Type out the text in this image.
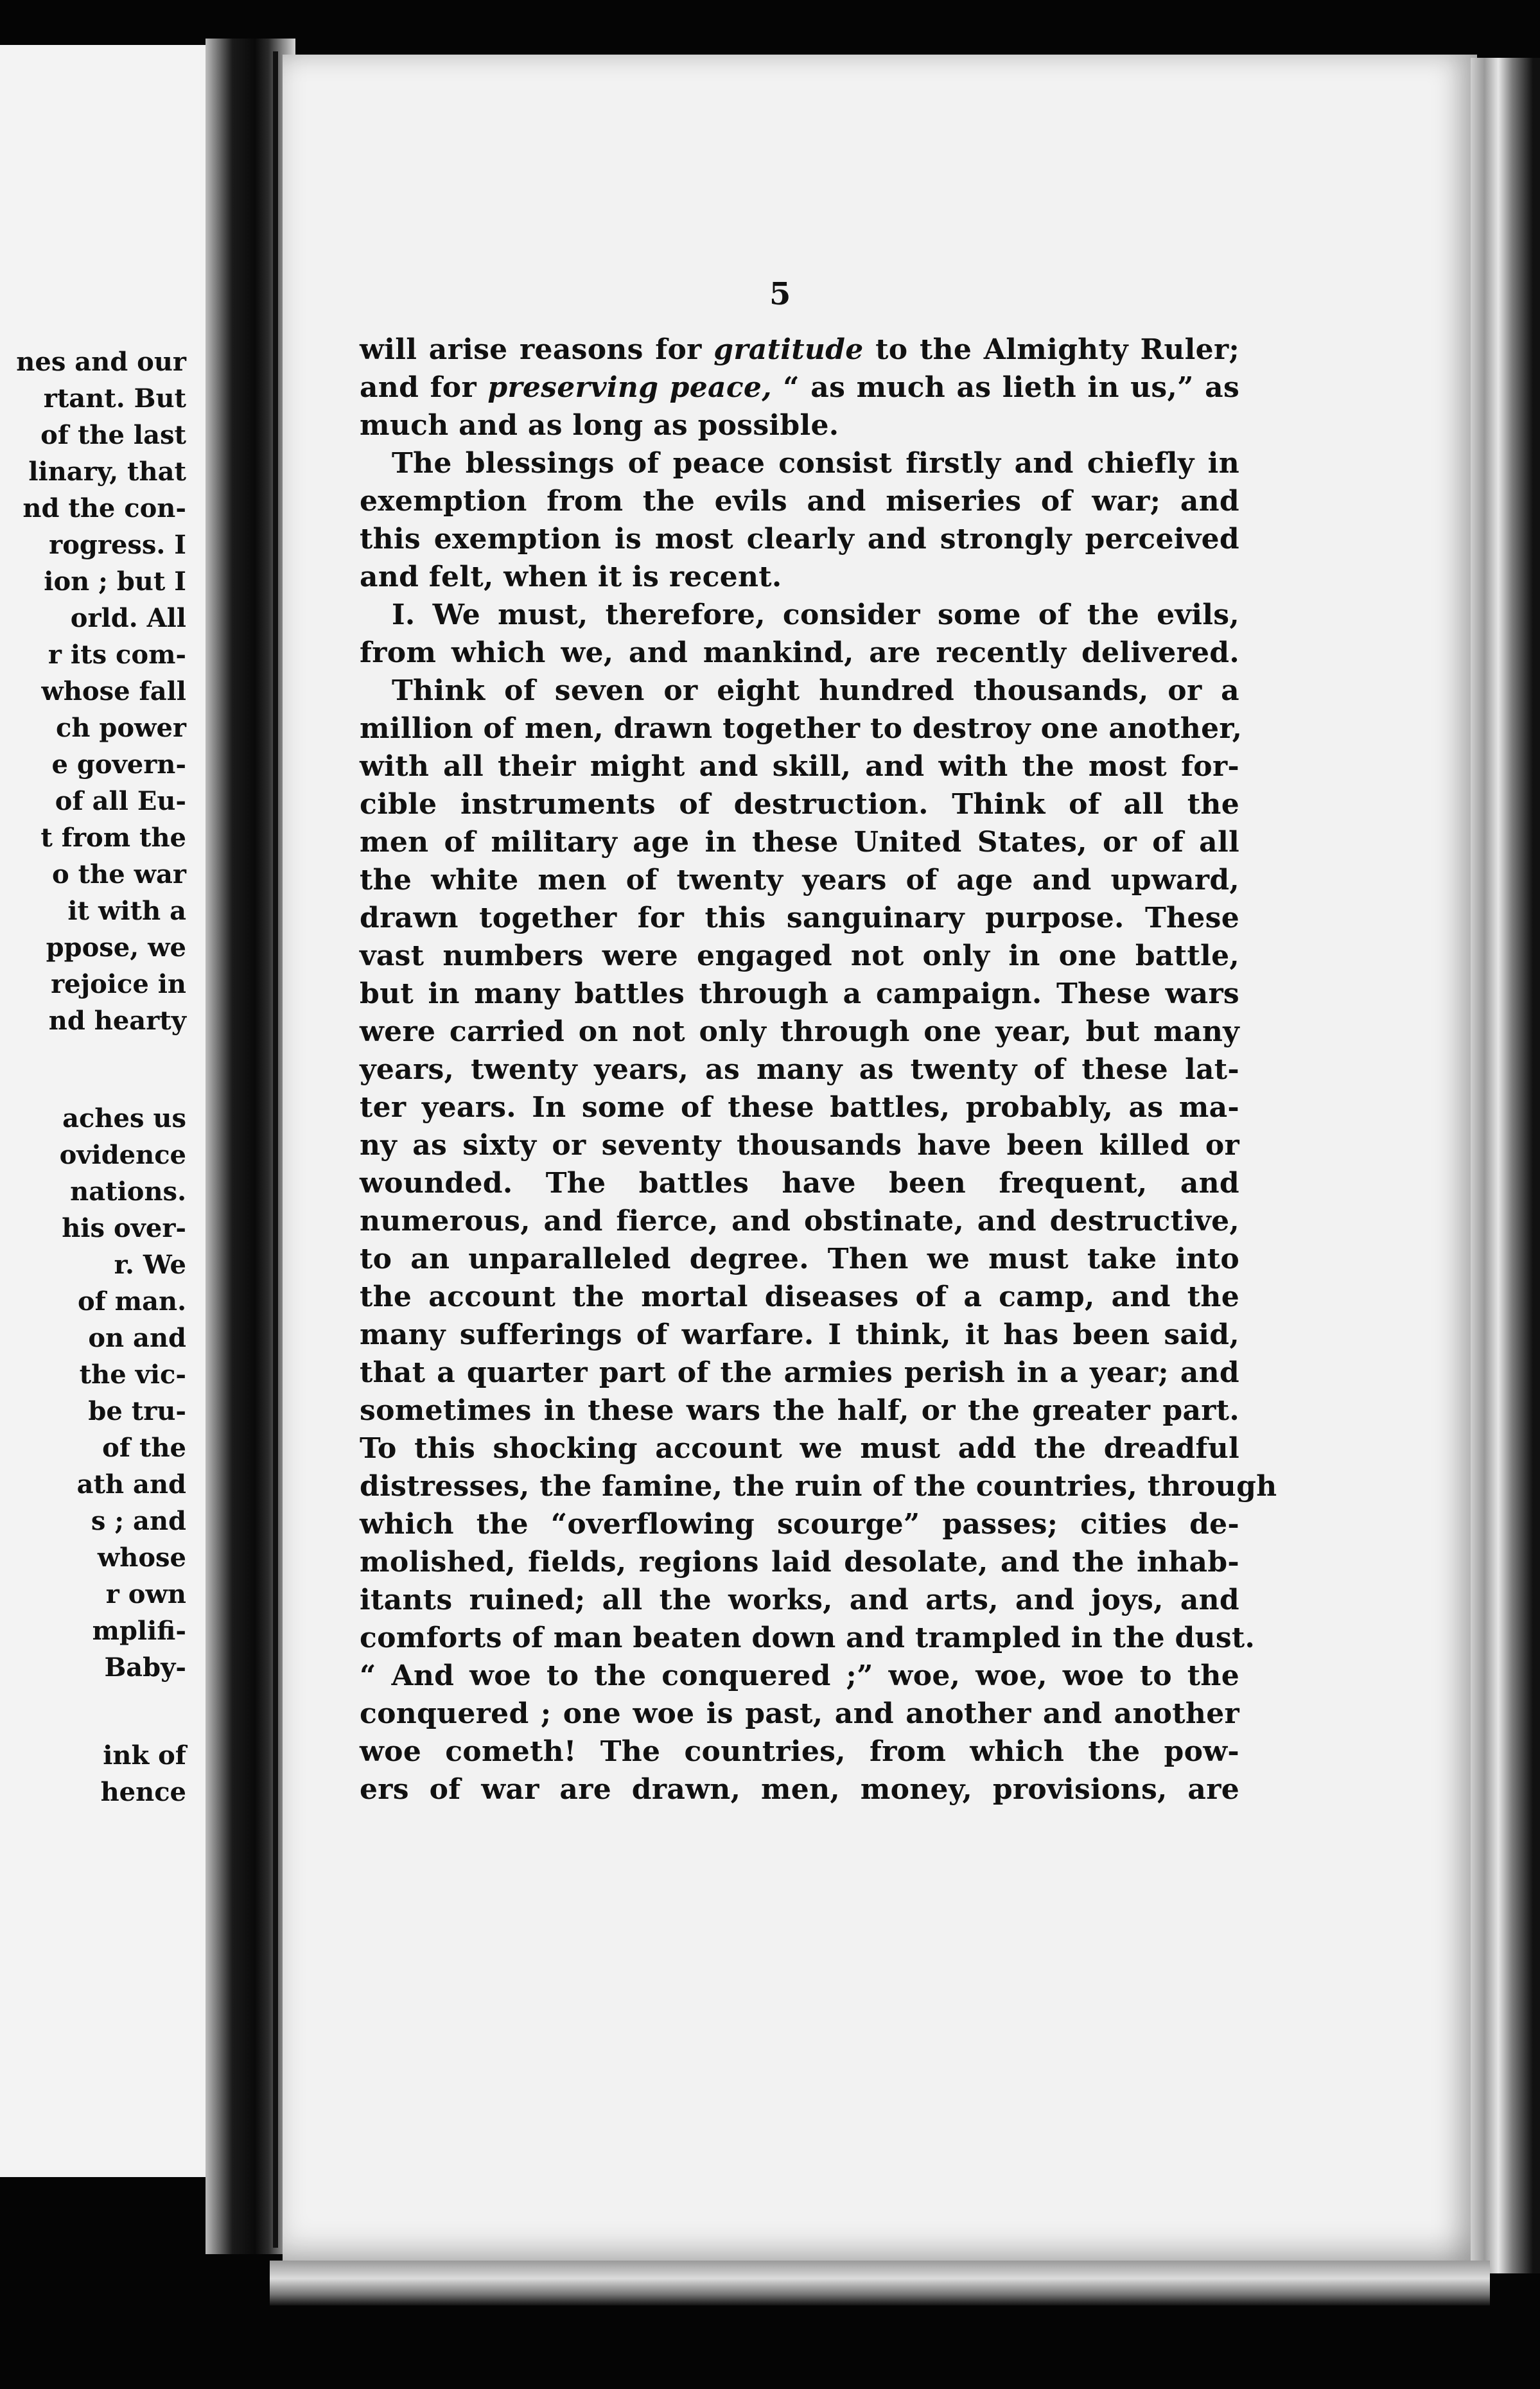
nes and our
rtant. But
of the last
linary, that
nd the con-
rogress. I
ion ; but I
orld. All
r its com-
whose fall
ch power
e govern-
of all Eu-
t from the
o the war
it with a
ppose, we
rejoice in
nd hearty
aches us
ovidence
nations.
his over-
r. We
of man.
on and
the vic-
be tru-
of the
ath and
s ; and
whose
r own
mplifi-
Baby-
ink of
hence
5
will arise reasons for gratitude to the Almighty Ruler;
and for preserving peace, “ as much as lieth in us,” as
much and as long as possible.
The blessings of peace consist firstly and chiefly in
exemption from the evils and miseries of war; and
this exemption is most clearly and strongly perceived
and felt, when it is recent.
I. We must, therefore, consider some of the evils,
from which we, and mankind, are recently delivered.
Think of seven or eight hundred thousands, or a
million of men, drawn together to destroy one another,
with all their might and skill, and with the most for-
cible instruments of destruction. Think of all the
men of military age in these United States, or of all
the white men of twenty years of age and upward,
drawn together for this sanguinary purpose. These
vast numbers were engaged not only in one battle,
but in many battles through a campaign. These wars
were carried on not only through one year, but many
years, twenty years, as many as twenty of these lat-
ter years. In some of these battles, probably, as ma-
ny as sixty or seventy thousands have been killed or
wounded. The battles have been frequent, and
numerous, and fierce, and obstinate, and destructive,
to an unparalleled degree. Then we must take into
the account the mortal diseases of a camp, and the
many sufferings of warfare. I think, it has been said,
that a quarter part of the armies perish in a year; and
sometimes in these wars the half, or the greater part.
To this shocking account we must add the dreadful
distresses, the famine, the ruin of the countries, through
which the “overflowing scourge” passes; cities de-
molished, fields, regions laid desolate, and the inhab-
itants ruined; all the works, and arts, and joys, and
comforts of man beaten down and trampled in the dust.
“ And woe to the conquered ;” woe, woe, woe to the
conquered ; one woe is past, and another and another
woe cometh! The countries, from which the pow-
ers of war are drawn, men, money, provisions, are
